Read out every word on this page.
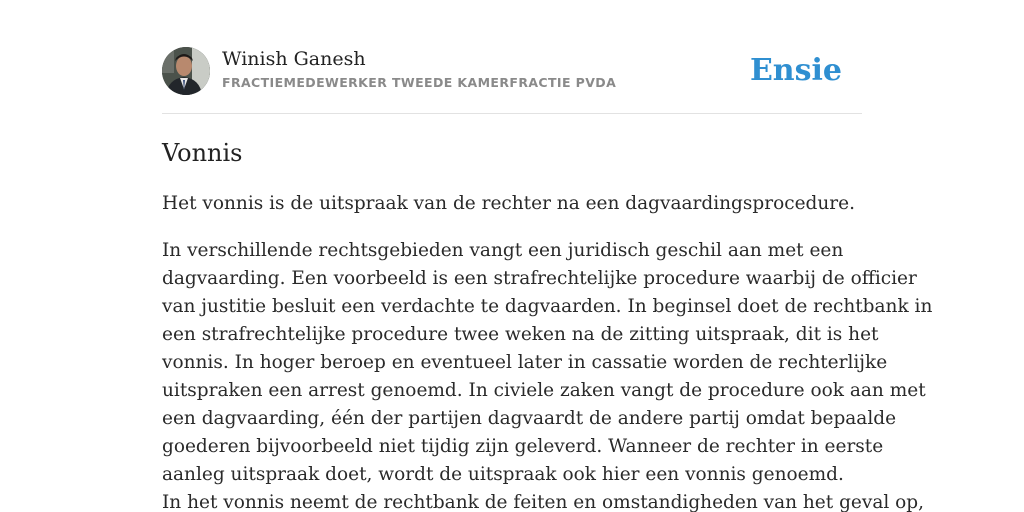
Winish Ganesh
FRACTIEMEDEWERKER TWEEDE KAMERFRACTIE PVDA	Ensie
Vonnis

Het vonnis is de uitspraak van de rechter na een dagvaardingsprocedure.

In verschillende rechtsgebieden vangt een juridisch geschil aan met een
dagvaarding. Een voorbeeld is een strafrechtelijke procedure waarbij de officier
van justitie besluit een verdachte te dagvaarden. In beginsel doet de rechtbank in
een strafrechtelijke procedure twee weken na de zitting uitspraak, dit is het
vonnis. In hoger beroep en eventueel later in cassatie worden de rechterlijke
uitspraken een arrest genoemd. In civiele zaken vangt de procedure ook aan met
een dagvaarding, één der partijen dagvaardt de andere partij omdat bepaalde
goederen bijvoorbeeld niet tijdig zijn geleverd. Wanneer de rechter in eerste
aanleg uitspraak doet, wordt de uitspraak ook hier een vonnis genoemd.
In het vonnis neemt de rechtbank de feiten en omstandigheden van het geval op,
